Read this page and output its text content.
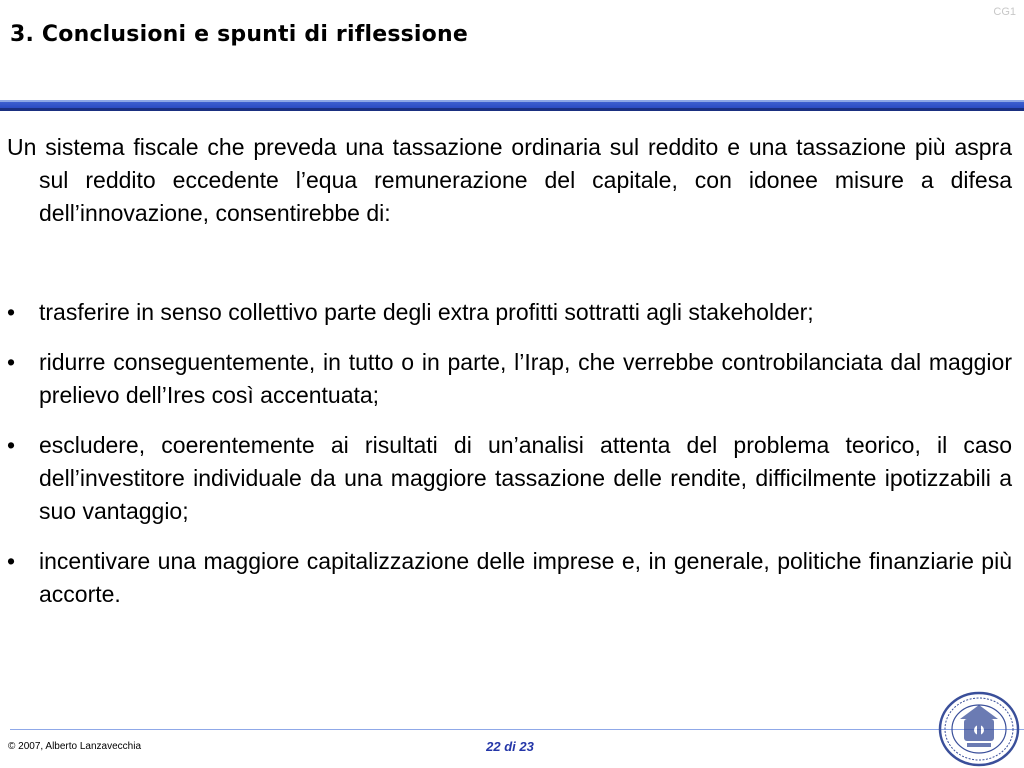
3. Conclusioni e spunti di riflessione
CG1

Un sistema fiscale che preveda una tassazione ordinaria sul reddito e una tassazione più aspra sul reddito eccedente l’equa remunerazione del capitale, con idonee misure a difesa dell’innovazione, consentirebbe di:

• trasferire in senso collettivo parte degli extra profitti sottratti agli stakeholder;
• ridurre conseguentemente, in tutto o in parte, l’Irap, che verrebbe controbilanciata dal maggior prelievo dell’Ires così accentuata;
• escludere, coerentemente ai risultati di un’analisi attenta del problema teorico, il caso dell’investitore individuale da una maggiore tassazione delle rendite, difficilmente ipotizzabili a suo vantaggio;
• incentivare una maggiore capitalizzazione delle imprese e, in generale, politiche finanziarie più accorte.
© 2007, Alberto Lanzavecchia	22 di 23
